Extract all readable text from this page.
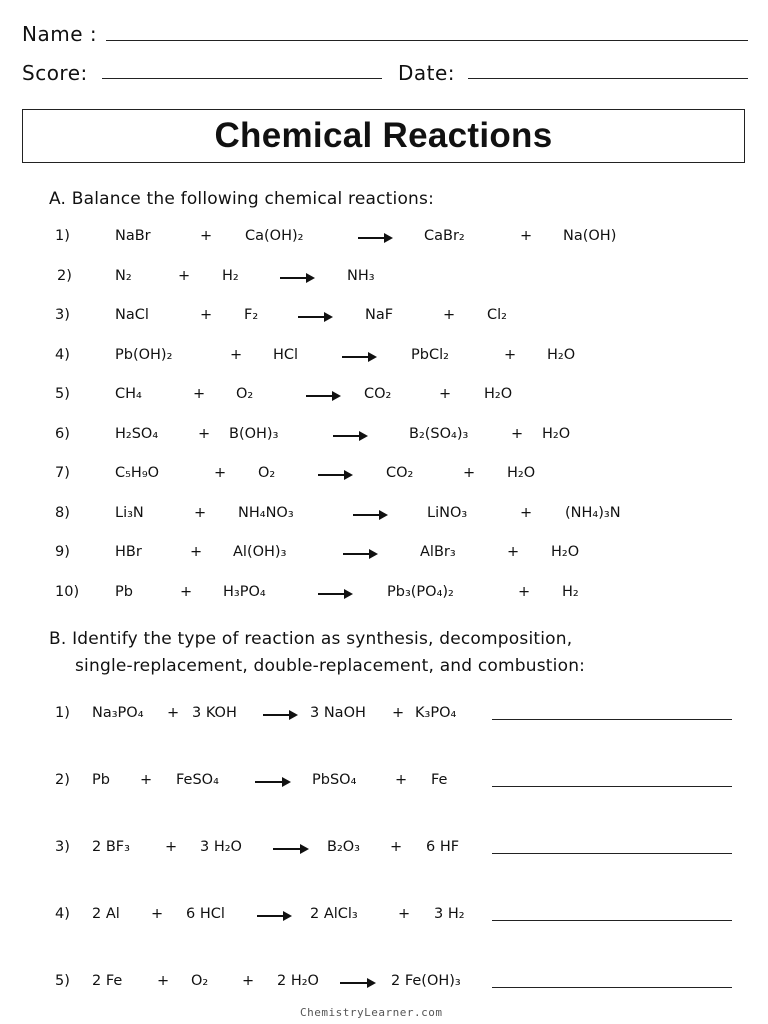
Name :
Score:	Date:
Chemical Reactions
A. Balance the following chemical reactions:
B. Identify the type of reaction as synthesis, decomposition,
single-replacement, double-replacement, and combustion:
ChemistryLearner.com
1)	NaBr	+ Ca(OH)₂	CaBr₂	+ Na(OH)
2)	N₂	+ H₂	NH₃
3)	NaCl	+ F₂	NaF	+ Cl₂
4)	Pb(OH)₂	+ HCl	PbCl₂	+ H₂O
5)	CH₄	+ O₂	CO₂	+ H₂O
6)	H₂SO₄	+ B(OH)₃	B₂(SO₄)₃	+ H₂O
7)	C₅H₉O	+ O₂	CO₂	+ H₂O
8)	Li₃N	+ NH₄NO₃	LiNO₃	+ (NH₄)₃N
9)	HBr	+ Al(OH)₃	AlBr₃	+ H₂O
10) Pb	+ H₃PO₄	Pb₃(PO₄)₂	+ H₂
1) Na₃PO₄ + 3 KOH → 3 NaOH + K₃PO₄
2) Pb + FeSO₄ → PbSO₄	+ Fe
3) 2 BF₃ + 3 H₂O → B₂O₃ + 6 HF
4) 2 Al + 6 HCl → 2 AlCl₃	+ 3 H₂
5) 2 Fe + O₂ + 2 H₂O → 2 Fe(OH)₃
